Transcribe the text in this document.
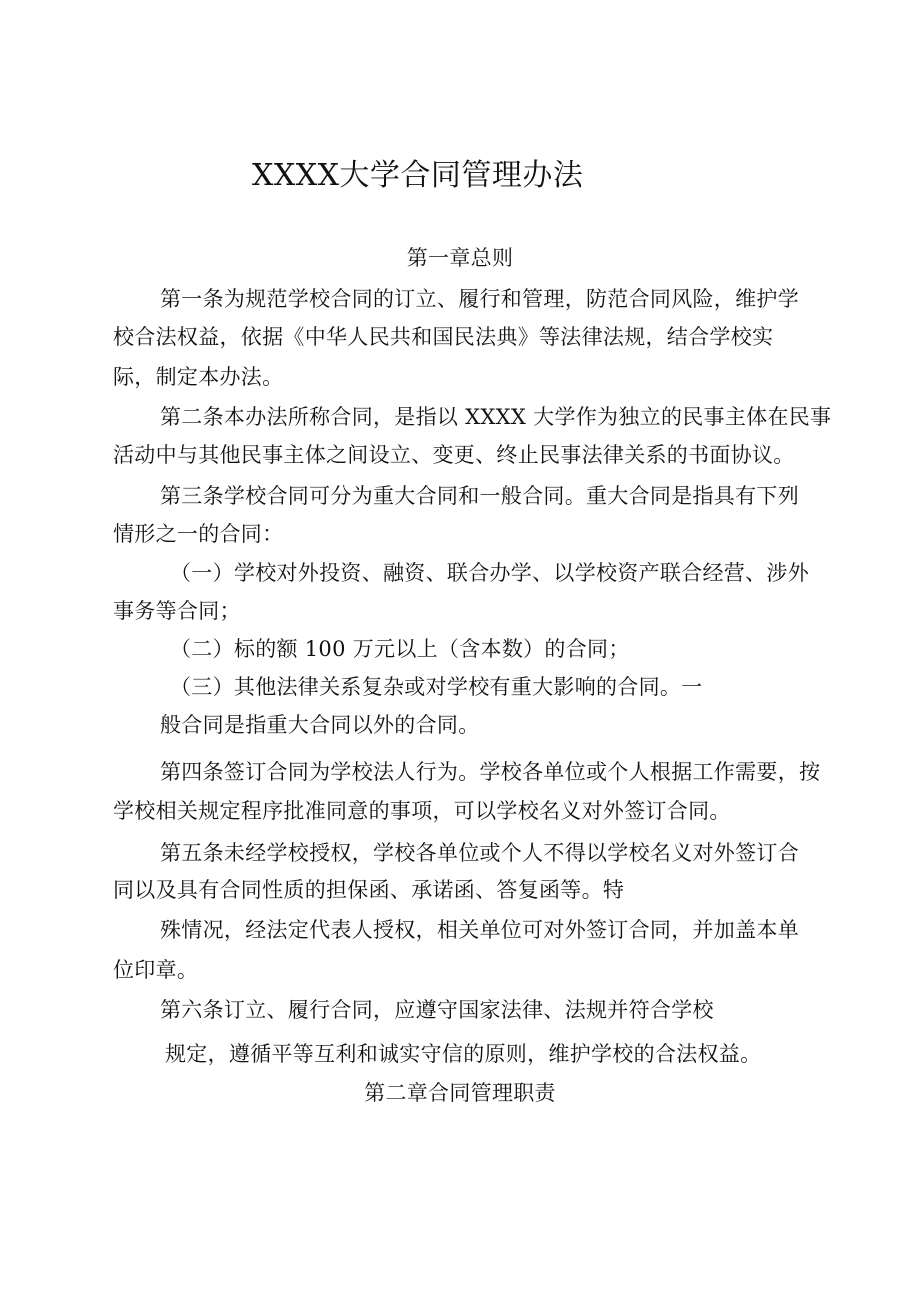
XXXX大学合同管理办法
第一章总则
第一条为规范学校合同的订立、履行和管理，防范合同风险，维护学
校合法权益，依据《中华人民共和国民法典》等法律法规，结合学校实
际，制定本办法。
第二条本办法所称合同，是指以 XXXX 大学作为独立的民事主体在民事
活动中与其他民事主体之间设立、变更、终止民事法律关系的书面协议。
第三条学校合同可分为重大合同和一般合同。重大合同是指具有下列
情形之一的合同：
（一）学校对外投资、融资、联合办学、以学校资产联合经营、涉外
事务等合同；
（二）标的额 100 万元以上（含本数）的合同；
（三）其他法律关系复杂或对学校有重大影响的合同。一
般合同是指重大合同以外的合同。
第四条签订合同为学校法人行为。学校各单位或个人根据工作需要，按
学校相关规定程序批准同意的事项，可以学校名义对外签订合同。
第五条未经学校授权，学校各单位或个人不得以学校名义对外签订合
同以及具有合同性质的担保函、承诺函、答复函等。特
殊情况，经法定代表人授权，相关单位可对外签订合同，并加盖本单
位印章。
第六条订立、履行合同，应遵守国家法律、法规并符合学校
规定，遵循平等互利和诚实守信的原则，维护学校的合法权益。
第二章合同管理职责
